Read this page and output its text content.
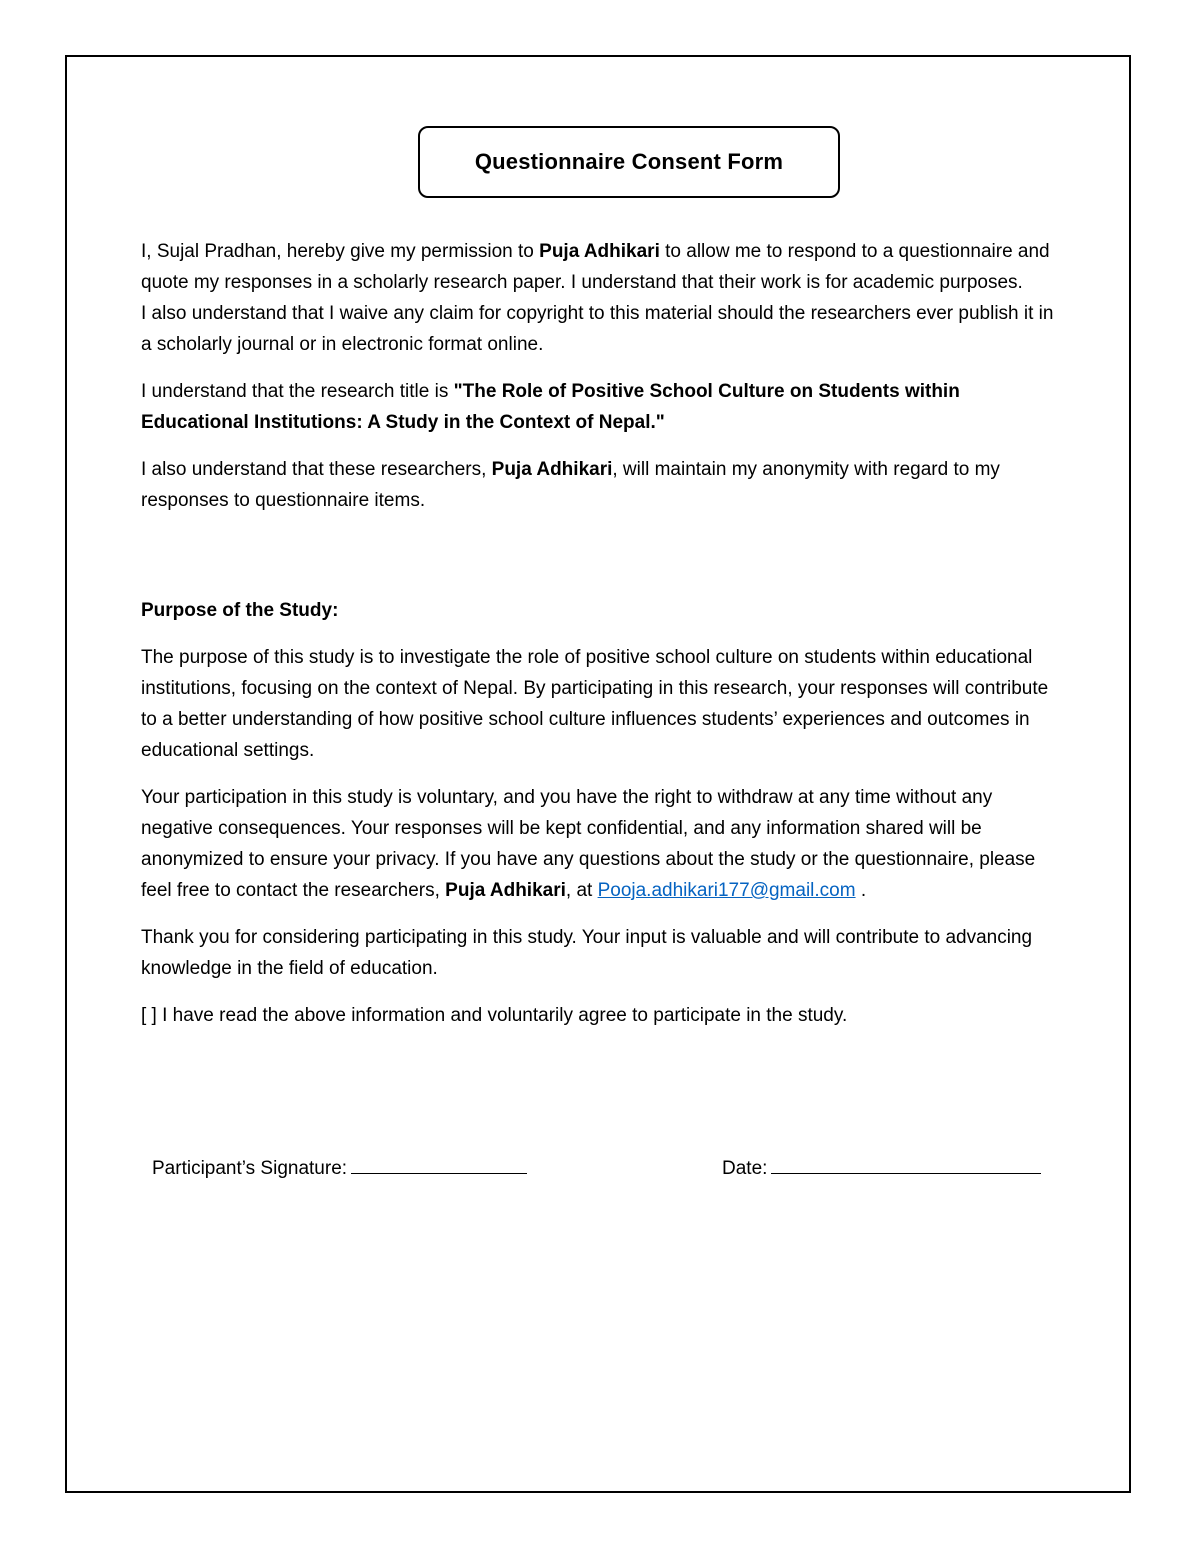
Questionnaire Consent Form

I, Sujal Pradhan, hereby give my permission to Puja Adhikari to allow me to respond to a questionnaire and quote my responses in a scholarly research paper. I understand that their work is for academic purposes.

I also understand that I waive any claim for copyright to this material should the researchers ever publish it in a scholarly journal or in electronic format online.

I understand that the research title is "The Role of Positive School Culture on Students within Educational Institutions: A Study in the Context of Nepal."

I also understand that these researchers, Puja Adhikari, will maintain my anonymity with regard to my responses to questionnaire items.

Purpose of the Study:

The purpose of this study is to investigate the role of positive school culture on students within educational institutions, focusing on the context of Nepal. By participating in this research, your responses will contribute to a better understanding of how positive school culture influences students’ experiences and outcomes in educational settings.

Your participation in this study is voluntary, and you have the right to withdraw at any time without any negative consequences. Your responses will be kept confidential, and any information shared will be anonymized to ensure your privacy. If you have any questions about the study or the questionnaire, please feel free to contact the researchers, Puja Adhikari, at Pooja.adhikari177@gmail.com .

Thank you for considering participating in this study. Your input is valuable and will contribute to advancing knowledge in the field of education.

[ ] I have read the above information and voluntarily agree to participate in the study.

Participant’s Signature:	Date:
